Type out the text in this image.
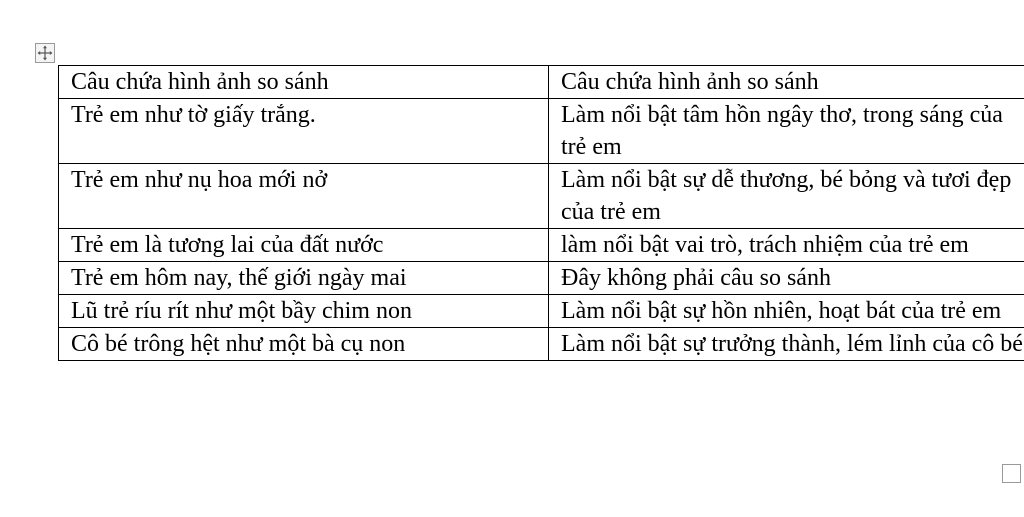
Câu chứa hình ảnh so sánh	Câu chứa hình ảnh so sánh
Trẻ em như tờ giấy trắng.	Làm nổi bật tâm hồn ngây thơ, trong sáng của trẻ em
Trẻ em như nụ hoa mới nở	Làm nổi bật sự dễ thương, bé bỏng và tươi đẹp của trẻ em
Trẻ em là tương lai của đất nước	làm nổi bật vai trò, trách nhiệm của trẻ em
Trẻ em hôm nay, thế giới ngày mai	Đây không phải câu so sánh
Lũ trẻ ríu rít như một bầy chim non	Làm nổi bật sự hồn nhiên, hoạt bát của trẻ em
Cô bé trông hệt như một bà cụ non	Làm nổi bật sự trưởng thành, lém lỉnh của cô bé
